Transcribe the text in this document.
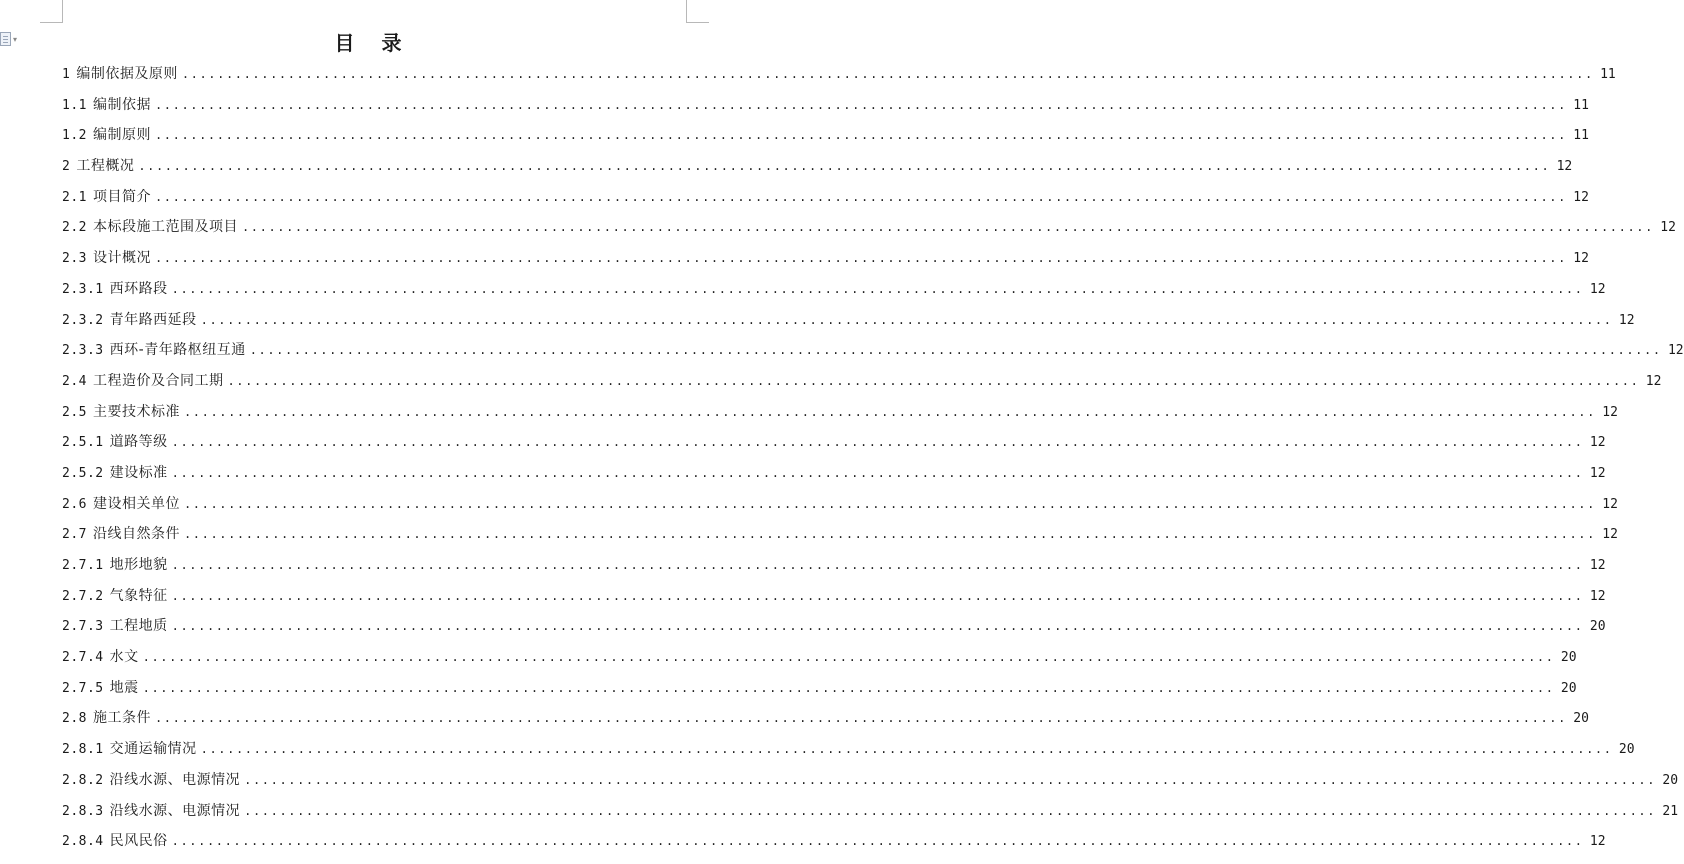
▾	目 录
1 编制依据及原则 ................................................................................................................................................................ 11
1.1 编制依据 ................................................................................................................................................................ 11
1.2 编制原则 ................................................................................................................................................................ 11
2 工程概况 ................................................................................................................................................................ 12
2.1 项目简介 ................................................................................................................................................................ 12
2.2 本标段施工范围及项目 ................................................................................................................................................................ 12
2.3 设计概况 ................................................................................................................................................................ 12
2.3.1 西环路段 ................................................................................................................................................................ 12
2.3.2 青年路西延段 ................................................................................................................................................................ 12
2.3.3 西环-青年路枢纽互通 ................................................................................................................................................................ 12
2.4 工程造价及合同工期 ................................................................................................................................................................ 12
2.5 主要技术标准 ................................................................................................................................................................ 12
2.5.1 道路等级 ................................................................................................................................................................ 12
2.5.2 建设标准 ................................................................................................................................................................ 12
2.6 建设相关单位 ................................................................................................................................................................ 12
2.7 沿线自然条件 ................................................................................................................................................................ 12
2.7.1 地形地貌 ................................................................................................................................................................ 12
2.7.2 气象特征 ................................................................................................................................................................ 12
2.7.3 工程地质 ................................................................................................................................................................ 20
2.7.4 水文 ................................................................................................................................................................ 20
2.7.5 地震 ................................................................................................................................................................ 20
2.8 施工条件 ................................................................................................................................................................ 20
2.8.1 交通运输情况 ................................................................................................................................................................ 20
2.8.2 沿线水源、电源情况 ................................................................................................................................................................ 20
2.8.3 沿线水源、电源情况 ................................................................................................................................................................ 21
2.8.4 民风民俗 ................................................................................................................................................................ 12
